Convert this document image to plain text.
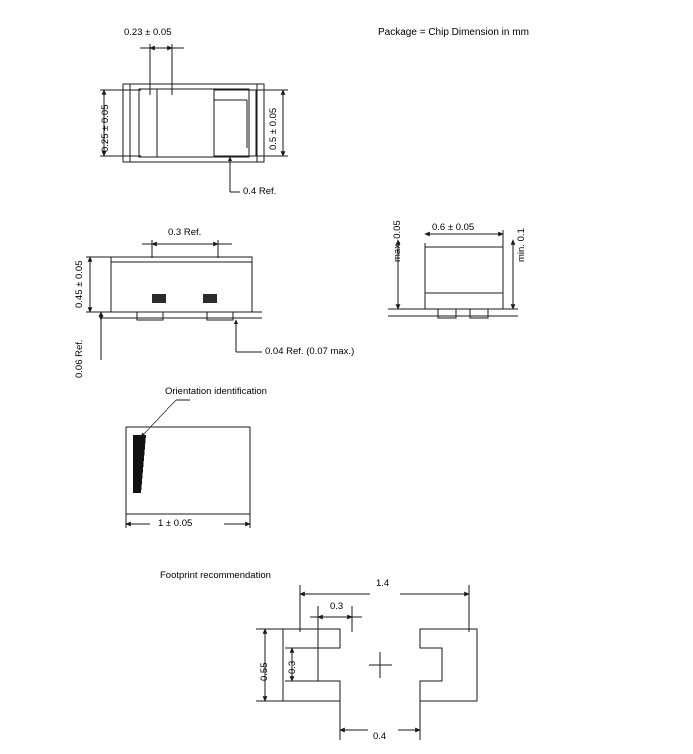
Package = Chip Dimension in mm
0.23 ± 0.05
0.25 ± 0.05	0.5 ± 0.05
0.4 Ref.
0.3 Ref.
0.45 ± 0.05
0.06 Ref.	0.04 Ref. (0.07 max.)
0.6 ± 0.05
max. 0.05	min. 0.1
Orientation identification
1 ± 0.05
Footprint recommendation
1.4
0.3
0.55 0.3
0.4
